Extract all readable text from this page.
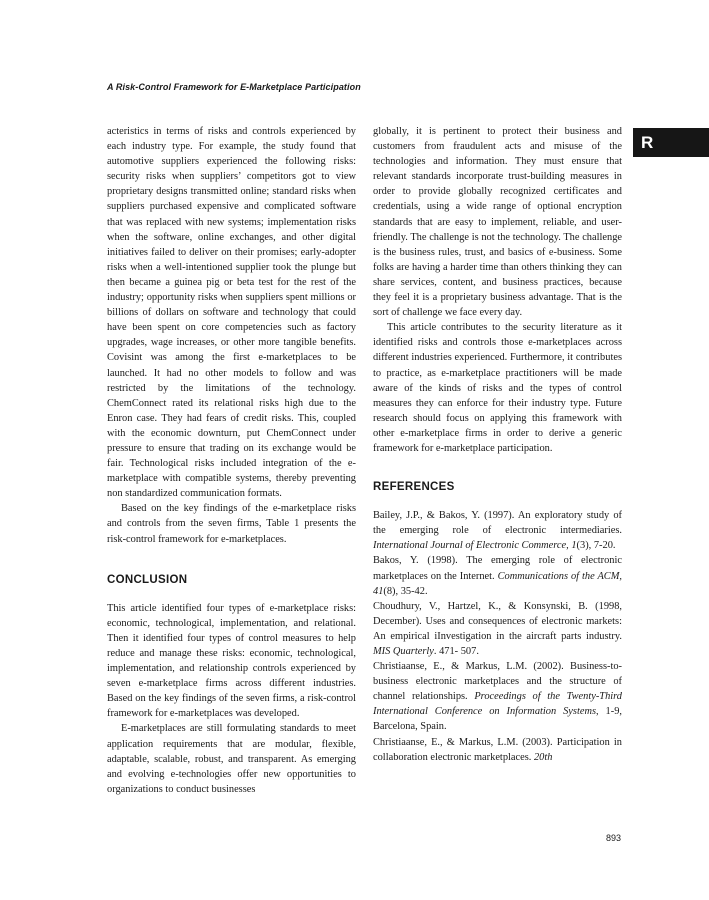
A Risk-Control Framework for E-Marketplace Participation

acteristics in terms of risks and controls experienced by each industry type. For example, the study found that automotive suppliers experienced the following risks: security risks when suppliers’ competitors got to view proprietary designs transmitted online; standard risks when suppliers purchased expensive and complicated software that was replaced with new systems; implementation risks when the software, online exchanges, and other digital initiatives failed to deliver on their promises; early-adopter risks when a well-intentioned supplier took the plunge but then became a guinea pig or beta test for the rest of the industry; opportunity risks when suppliers spent millions or billions of dollars on software and technology that could have been spent on core competencies such as factory upgrades, wage increases, or other more tangible benefits. Covisint was among the first e-marketplaces to be launched. It had no other models to follow and was restricted by the limitations of the technology. ChemConnect rated its relational risks high due to the Enron case. They had fears of credit risks. This, coupled with the economic downturn, put ChemConnect under pressure to ensure that trading on its exchange would be fair. Technological risks included integration of the e-marketplace with compatible systems, thereby preventing non standardized communication formats.

Based on the key findings of the e-marketplace risks and controls from the seven firms, Table 1 presents the risk-control framework for e-marketplaces.

CONCLUSION

This article identified four types of e-marketplace risks: economic, technological, implementation, and relational. Then it identified four types of control measures to help reduce and manage these risks: economic, technological, implementation, and relationship controls experienced by seven e-marketplace firms across different industries. Based on the key findings of the seven firms, a risk-control framework for e-marketplaces was developed.

E-marketplaces are still formulating standards to meet application requirements that are modular, flexible, adaptable, scalable, robust, and transparent. As emerging and evolving e-technologies offer new opportunities to organizations to conduct businesses

globally, it is pertinent to protect their business and customers from fraudulent acts and misuse of the technologies and information. They must ensure that relevant standards incorporate trust-building measures in order to provide globally recognized certificates and credentials, using a wide range of optional encryption standards that are easy to implement, reliable, and user-friendly. The challenge is not the technology. The challenge is the business rules, trust, and basics of e-business. Some folks are having a harder time than others thinking they can share services, content, and business practices, because they feel it is a proprietary business advantage. That is the sort of challenge we face every day.

This article contributes to the security literature as it identified risks and controls those e-marketplaces across different industries experienced. Furthermore, it contributes to practice, as e-marketplace practitioners will be made aware of the kinds of risks and the types of control measures they can enforce for their industry type. Future research should focus on applying this framework with other e-marketplace firms in order to derive a generic framework for e-marketplace participation.

REFERENCES

Bailey, J.P., & Bakos, Y. (1997). An exploratory study of the emerging role of electronic intermediaries. International Journal of Electronic Commerce, 1(3), 7-20.

Bakos, Y. (1998). The emerging role of electronic marketplaces on the Internet. Communications of the ACM, 41(8), 35-42.

Choudhury, V., Hartzel, K., & Konsynski, B. (1998, December). Uses and consequences of electronic markets: An empirical iInvestigation in the aircraft parts industry. MIS Quarterly. 471- 507.

Christiaanse, E., & Markus, L.M. (2002). Business-to-business electronic marketplaces and the structure of channel relationships. Proceedings of the Twenty-Third International Conference on Information Systems, 1-9, Barcelona, Spain.

Christiaanse, E., & Markus, L.M. (2003). Participation in collaboration electronic marketplaces. 20th

R
893
